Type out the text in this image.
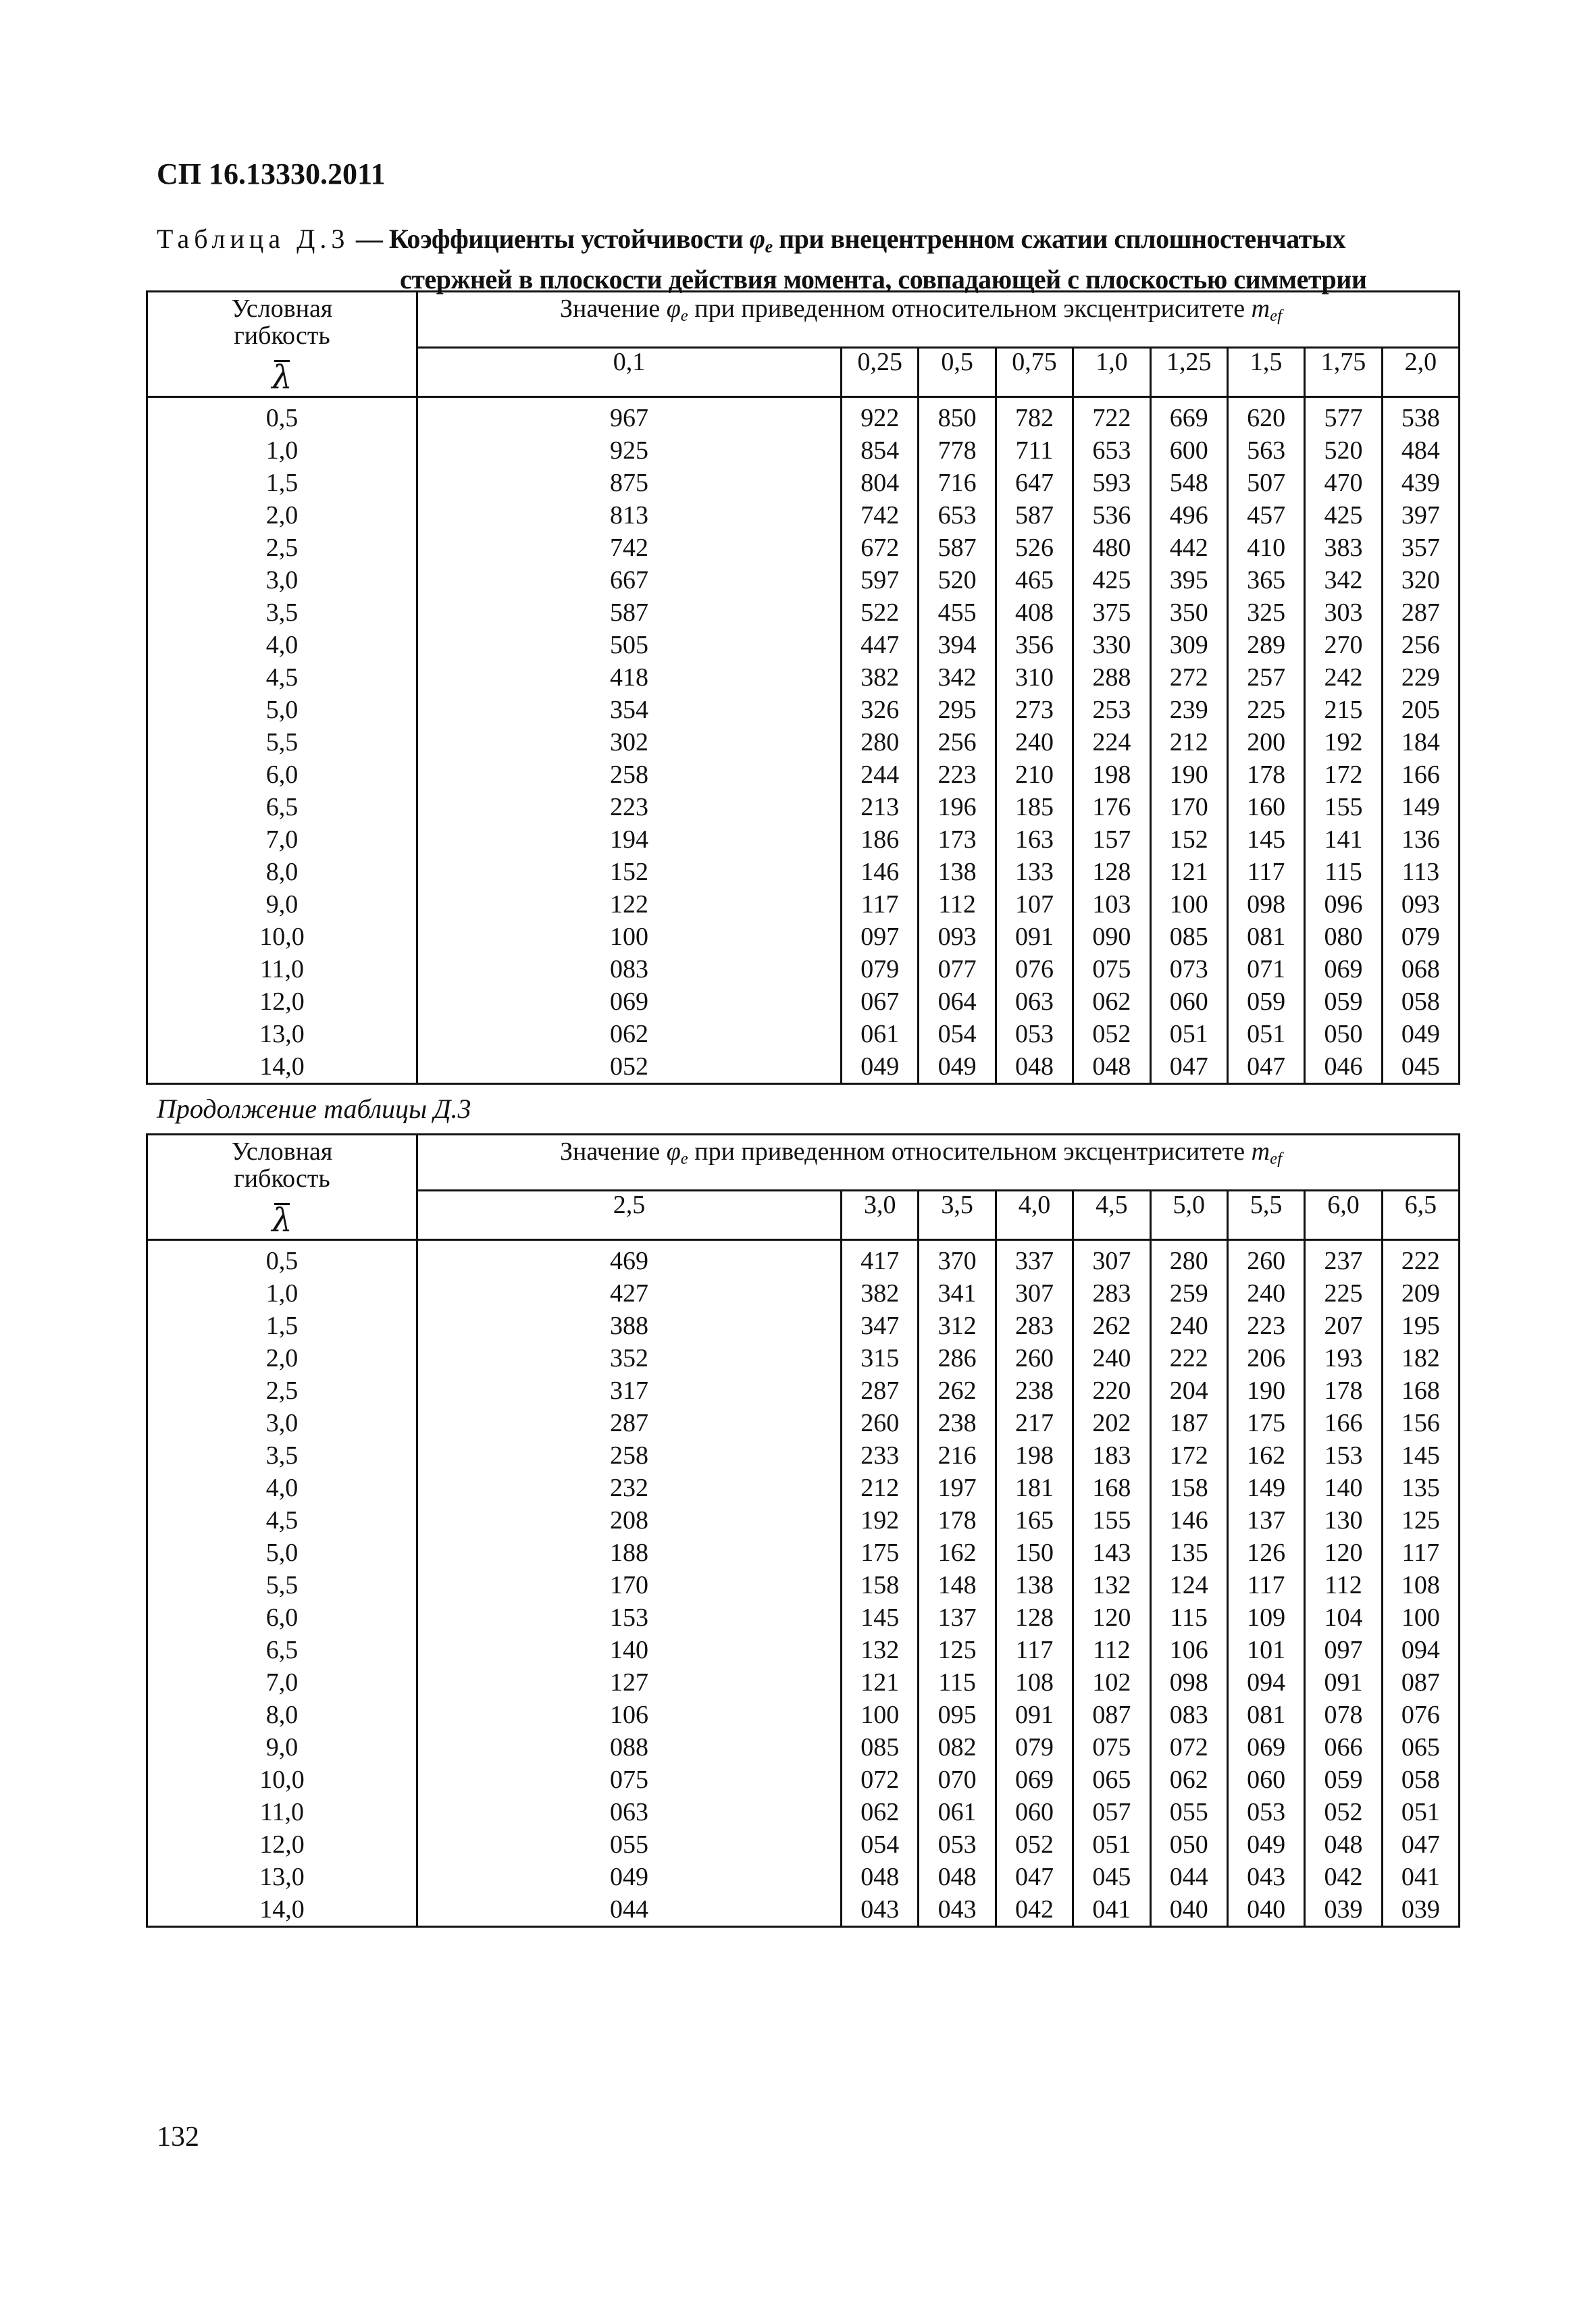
СП 16.13330.2011
Таблица Д.3 — Коэффициенты устойчивости $\varphi_e$ при внецентренном сжатии сплошностенчатых
стержней в плоскости действия момента, совпадающей с плоскостью симметрии
Условная
гибкость
λ	Значение $\varphi_e$ при приведенном относительном эксцентриситете $m_{ef}$
	0,1	0,25	0,5	0,75	1,0	1,25	1,5	1,75	2,0
0,5	967	922	850	782	722	669	620	577	538
1,0	925	854	778	711	653	600	563	520	484
1,5	875	804	716	647	593	548	507	470	439
2,0	813	742	653	587	536	496	457	425	397
2,5	742	672	587	526	480	442	410	383	357
3,0	667	597	520	465	425	395	365	342	320
3,5	587	522	455	408	375	350	325	303	287
4,0	505	447	394	356	330	309	289	270	256
4,5	418	382	342	310	288	272	257	242	229
5,0	354	326	295	273	253	239	225	215	205
5,5	302	280	256	240	224	212	200	192	184
6,0	258	244	223	210	198	190	178	172	166
6,5	223	213	196	185	176	170	160	155	149
7,0	194	186	173	163	157	152	145	141	136
8,0	152	146	138	133	128	121	117	115	113
9,0	122	117	112	107	103	100	098	096	093
10,0	100	097	093	091	090	085	081	080	079
11,0	083	079	077	076	075	073	071	069	068
12,0	069	067	064	063	062	060	059	059	058
13,0	062	061	054	053	052	051	051	050	049
14,0	052	049	049	048	048	047	047	046	045
Продолжение таблицы Д.3
Условная
гибкость
λ	Значение $\varphi_e$ при приведенном относительном эксцентриситете $m_{ef}$
	2,5	3,0	3,5	4,0	4,5	5,0	5,5	6,0	6,5
0,5	469	417	370	337	307	280	260	237	222
1,0	427	382	341	307	283	259	240	225	209
1,5	388	347	312	283	262	240	223	207	195
2,0	352	315	286	260	240	222	206	193	182
2,5	317	287	262	238	220	204	190	178	168
3,0	287	260	238	217	202	187	175	166	156
3,5	258	233	216	198	183	172	162	153	145
4,0	232	212	197	181	168	158	149	140	135
4,5	208	192	178	165	155	146	137	130	125
5,0	188	175	162	150	143	135	126	120	117
5,5	170	158	148	138	132	124	117	112	108
6,0	153	145	137	128	120	115	109	104	100
6,5	140	132	125	117	112	106	101	097	094
7,0	127	121	115	108	102	098	094	091	087
8,0	106	100	095	091	087	083	081	078	076
9,0	088	085	082	079	075	072	069	066	065
10,0	075	072	070	069	065	062	060	059	058
11,0	063	062	061	060	057	055	053	052	051
12,0	055	054	053	052	051	050	049	048	047
13,0	049	048	048	047	045	044	043	042	041
14,0	044	043	043	042	041	040	040	039	039
132
